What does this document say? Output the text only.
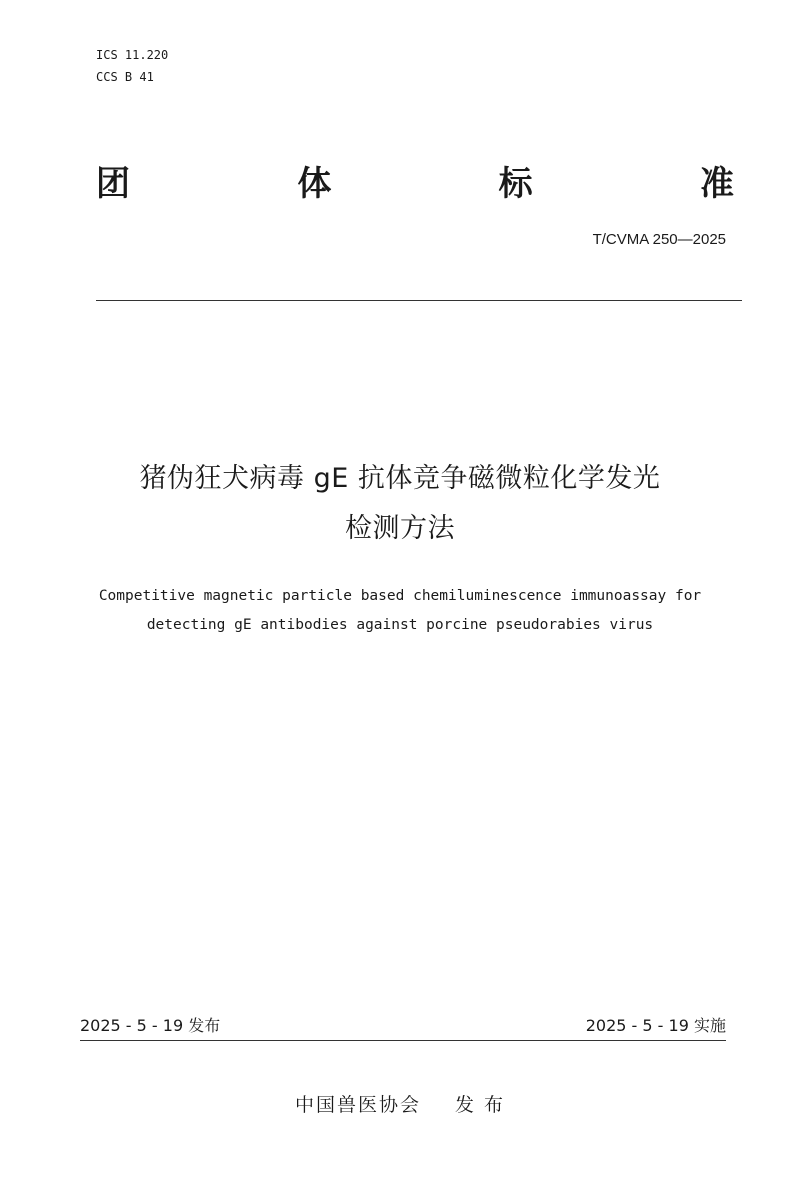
ICS 11.220
CCS B 41
团	体	标	准
T/CVMA 250—2025
猪伪狂犬病毒 gE 抗体竞争磁微粒化学发光
检测方法
Competitive magnetic particle based chemiluminescence immunoassay for
detecting gE antibodies against porcine pseudorabies virus
2025 - 5 - 19 发布	2025 - 5 - 19 实施
中国兽医协会 发 布
